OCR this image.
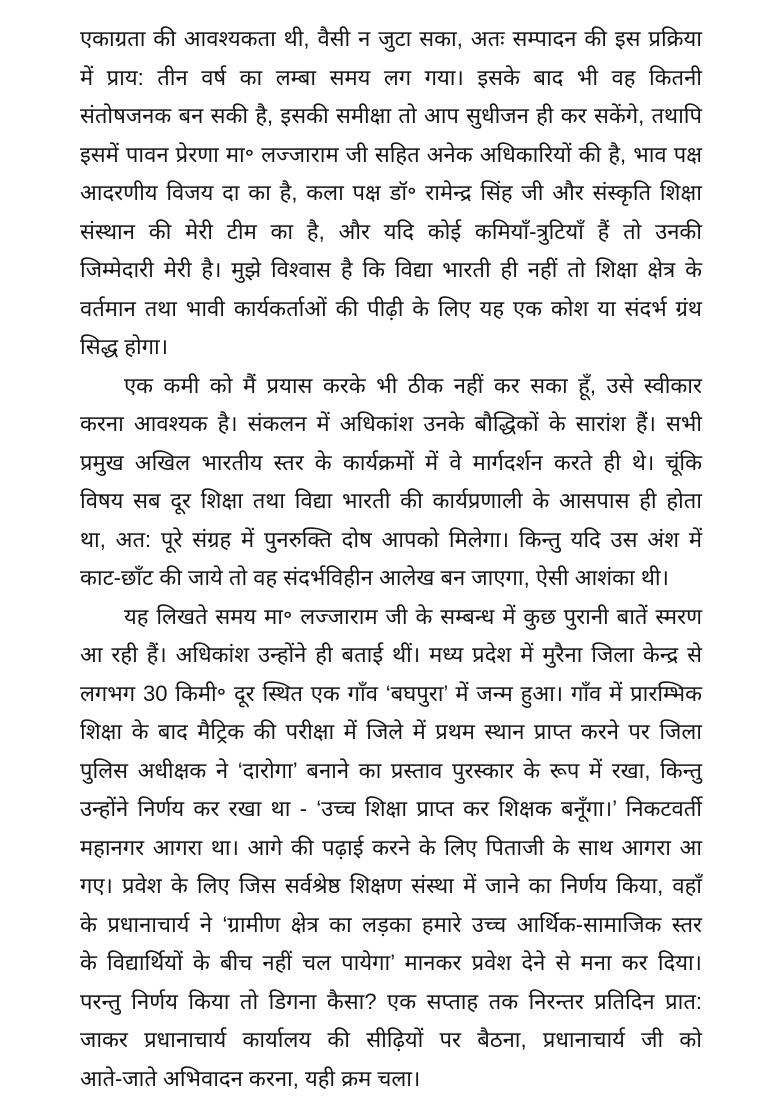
एकाग्रता की आवश्यकता थी, वैसी न जुटा सका, अतः सम्पादन की इस प्रक्रिया
में प्राय: तीन वर्ष का लम्बा समय लग गया। इसके बाद भी वह कितनी
संतोषजनक बन सकी है, इसकी समीक्षा तो आप सुधीजन ही कर सकेंगे, तथापि
इसमें पावन प्रेरणा मा॰ लज्जाराम जी सहित अनेक अधिकारियों की है, भाव पक्ष
आदरणीय विजय दा का है, कला पक्ष डॉ॰ रामेन्द्र सिंह जी और संस्कृति शिक्षा
संस्थान की मेरी टीम का है, और यदि कोई कमियाँ-त्रुटियाँ हैं तो उनकी
जिम्मेदारी मेरी है। मुझे विश्वास है कि विद्या भारती ही नहीं तो शिक्षा क्षेत्र के
वर्तमान तथा भावी कार्यकर्ताओं की पीढ़ी के लिए यह एक कोश या संदर्भ ग्रंथ
सिद्ध होगा।
एक कमी को मैं प्रयास करके भी ठीक नहीं कर सका हूँ, उसे स्वीकार
करना आवश्यक है। संकलन में अधिकांश उनके बौद्धिकों के सारांश हैं। सभी
प्रमुख अखिल भारतीय स्तर के कार्यक्रमों में वे मार्गदर्शन करते ही थे। चूंकि
विषय सब दूर शिक्षा तथा विद्या भारती की कार्यप्रणाली के आसपास ही होता
था, अत: पूरे संग्रह में पुनरुक्ति दोष आपको मिलेगा। किन्तु यदि उस अंश में
काट-छाँट की जाये तो वह संदर्भविहीन आलेख बन जाएगा, ऐसी आशंका थी।
यह लिखते समय मा॰ लज्जाराम जी के सम्बन्ध में कुछ पुरानी बातें स्मरण
आ रही हैं। अधिकांश उन्होंने ही बताई थीं। मध्य प्रदेश में मुरैना जिला केन्द्र से
लगभग 30 किमी॰ दूर स्थित एक गाँव ‘बघपुरा’ में जन्म हुआ। गाँव में प्रारम्भिक
शिक्षा के बाद मैट्रिक की परीक्षा में जिले में प्रथम स्थान प्राप्त करने पर जिला
पुलिस अधीक्षक ने ‘दारोगा’ बनाने का प्रस्ताव पुरस्कार के रूप में रखा, किन्तु
उन्होंने निर्णय कर रखा था - ‘उच्च शिक्षा प्राप्त कर शिक्षक बनूँगा।’ निकटवर्ती
महानगर आगरा था। आगे की पढ़ाई करने के लिए पिताजी के साथ आगरा आ
गए। प्रवेश के लिए जिस सर्वश्रेष्ठ शिक्षण संस्था में जाने का निर्णय किया, वहाँ
के प्रधानाचार्य ने ‘ग्रामीण क्षेत्र का लड़का हमारे उच्च आर्थिक-सामाजिक स्तर
के विद्यार्थियों के बीच नहीं चल पायेगा’ मानकर प्रवेश देने से मना कर दिया।
परन्तु निर्णय किया तो डिगना कैसा? एक सप्ताह तक निरन्तर प्रतिदिन प्रात:
जाकर प्रधानाचार्य कार्यालय की सीढ़ियों पर बैठना, प्रधानाचार्य जी को
आते-जाते अभिवादन करना, यही क्रम चला।
